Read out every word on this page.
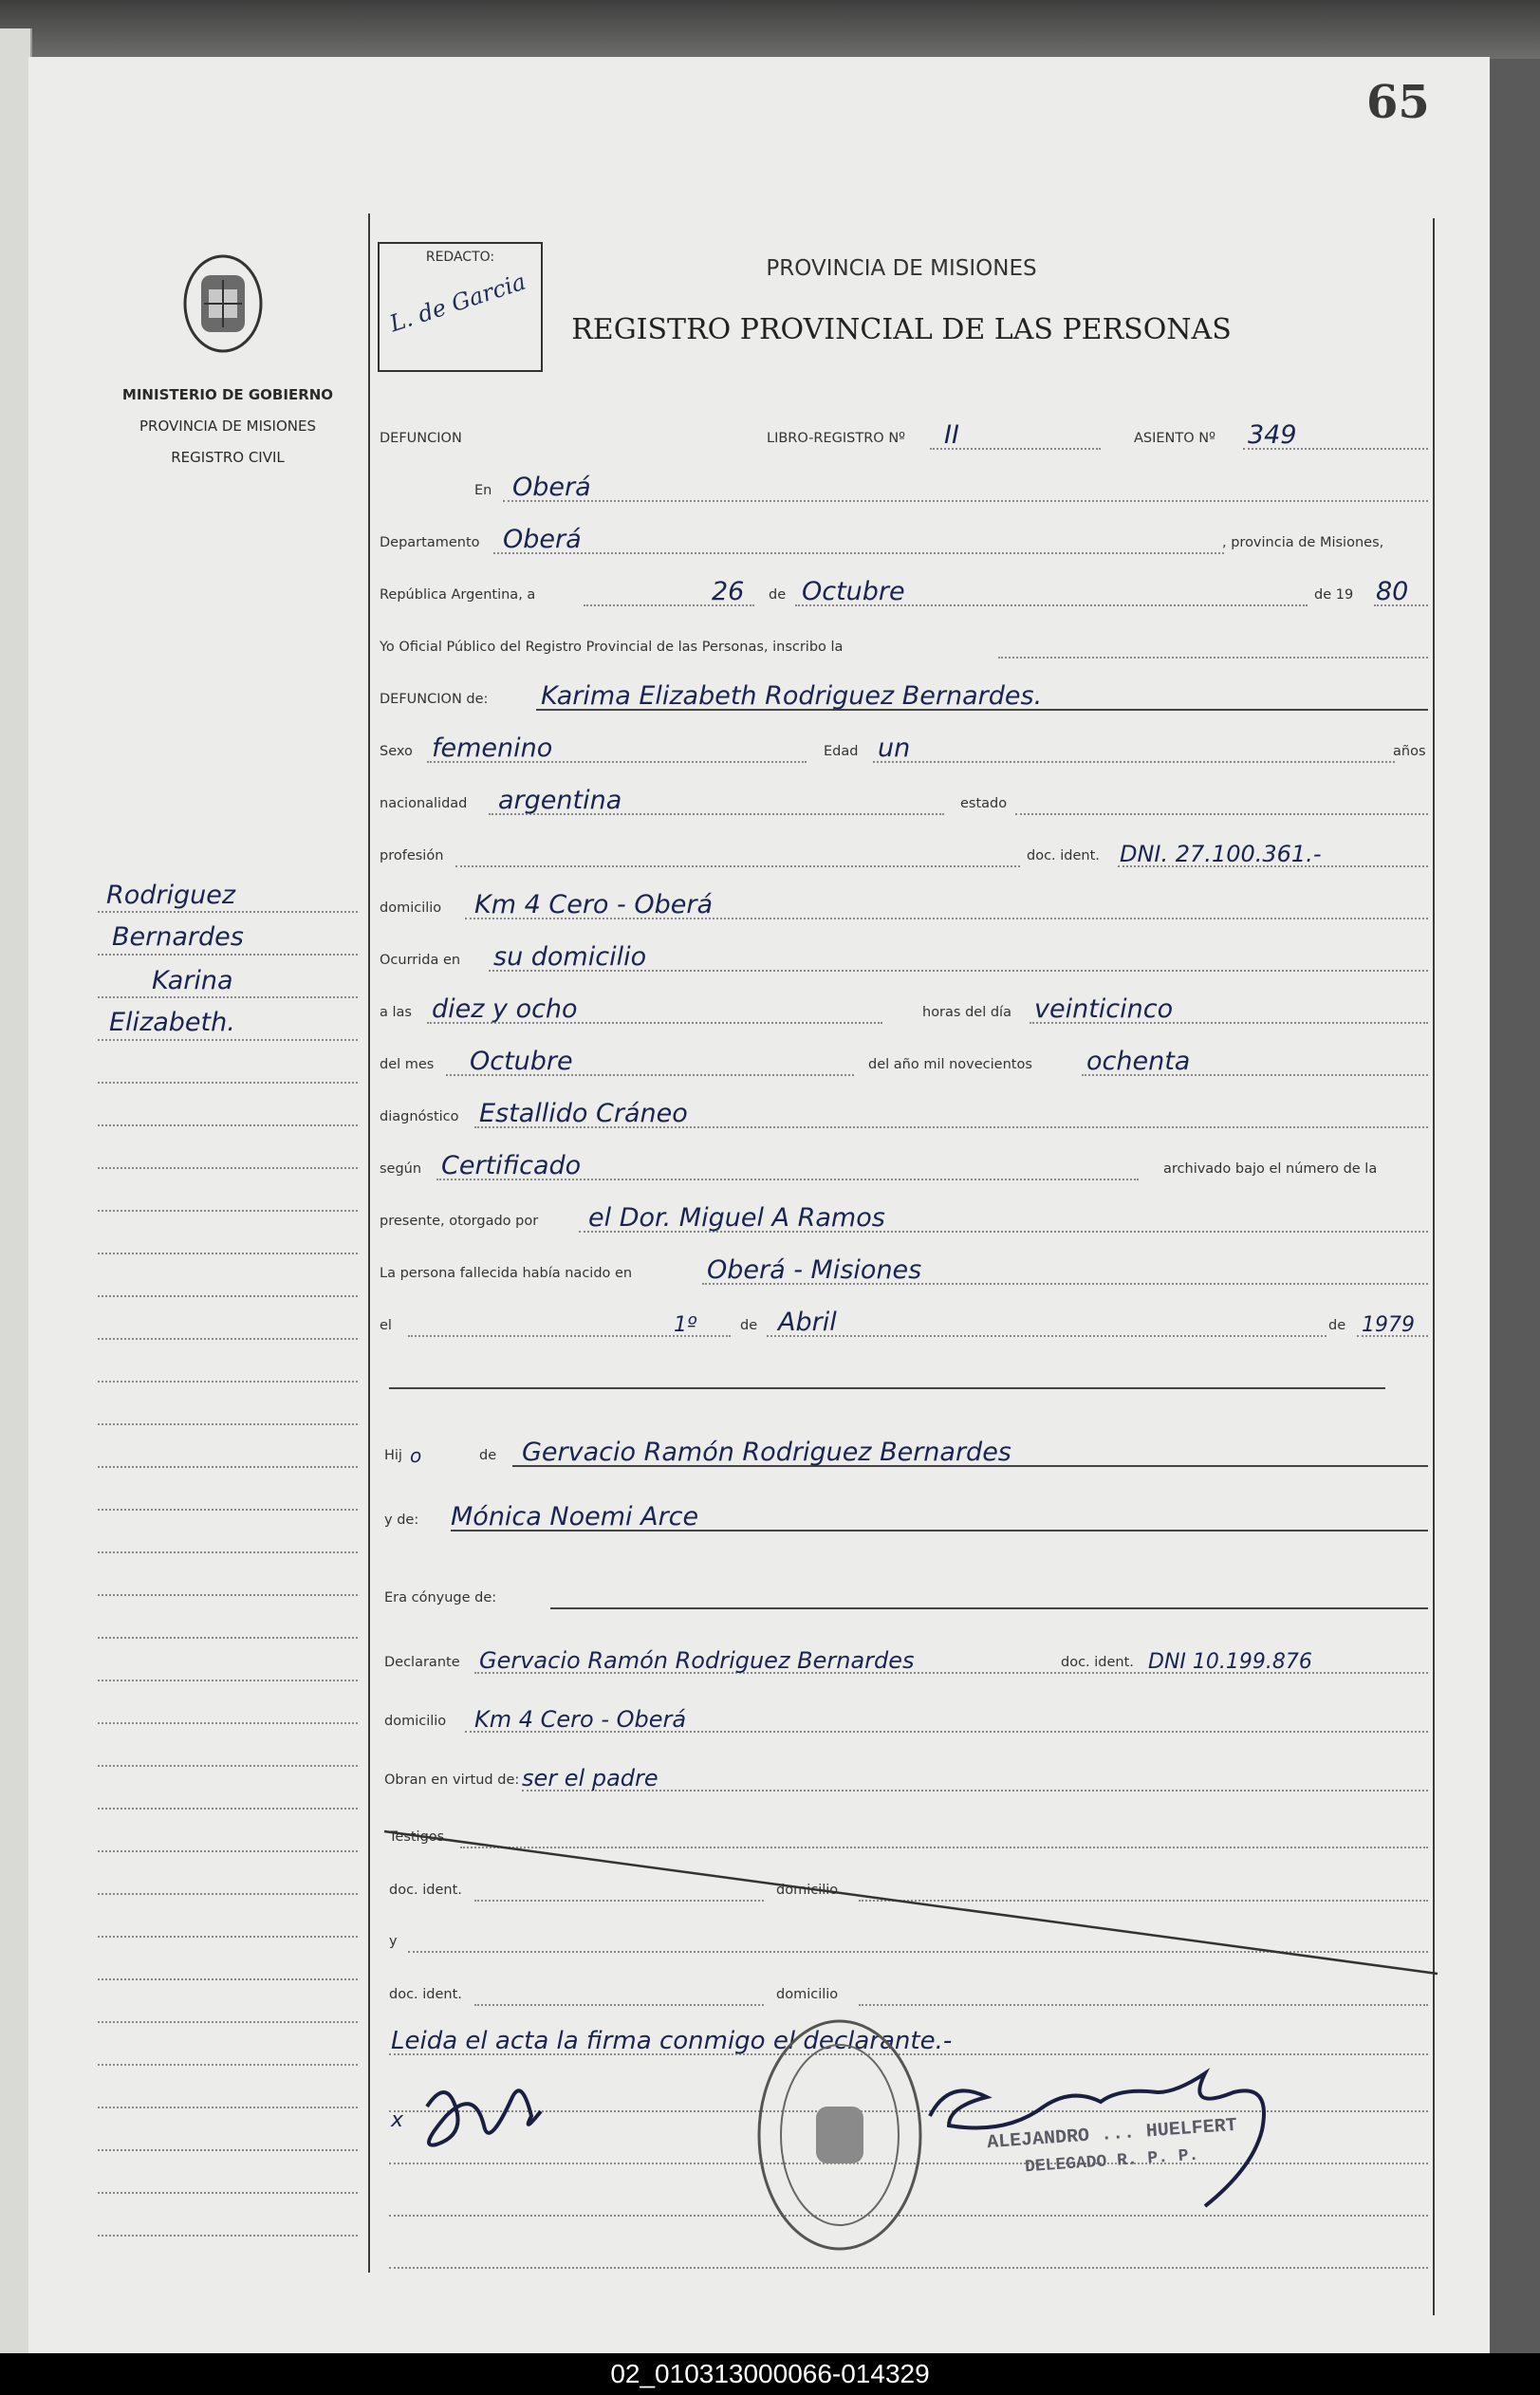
65
MINISTERIO DE GOBIERNO
PROVINCIA DE MISIONES
REGISTRO CIVIL
REDACTO:
L. de Garcia	PROVINCIA DE MISIONES
REGISTRO PROVINCIAL DE LAS PERSONAS
DEFUNCION	LIBRO-REGISTRO Nº II	ASIENTO Nº 349
En Oberá
Departamento Oberá	, provincia de Misiones,
República Argentina, a	26 de Octubre	de 19 80
Yo Oficial Público del Registro Provincial de las Personas, inscribo la
DEFUNCION de: Karima Elizabeth Rodriguez Bernardes.
Sexo femenino	Edad un	años
nacionalidad argentina	estado
profesión	doc. ident. DNI. 27.100.361.-
domicilio Km 4 Cero - Oberá
Ocurrida en su domicilio
a las diez y ocho	horas del día veinticinco
del mes Octubre	del año mil novecientos ochenta
diagnóstico Estallido Cráneo
según Certificado	archivado bajo el número de la
presente, otorgado por el Dor. Miguel A Ramos
La persona fallecida había nacido en	Oberá - Misiones
el	1º	de Abril	de 1979
Hij o	de Gervacio Ramón Rodriguez Bernardes
y de: Mónica Noemi Arce
Era cónyuge de:
Declarante Gervacio Ramón Rodriguez Bernardes	doc. ident. DNI 10.199.876
domicilio Km 4 Cero - Oberá
Obran en virtud de: ser el padre
Testigos
doc. ident.	domicilio
y
doc. ident.	domicilio
Leida el acta la firma conmigo el declarante.-
x
Rodriguez
Bernardes
Karina
Elizabeth.
ALEJANDRO ... HUELFERT
DELEGADO R. P. P.
02_010313000066-014329
